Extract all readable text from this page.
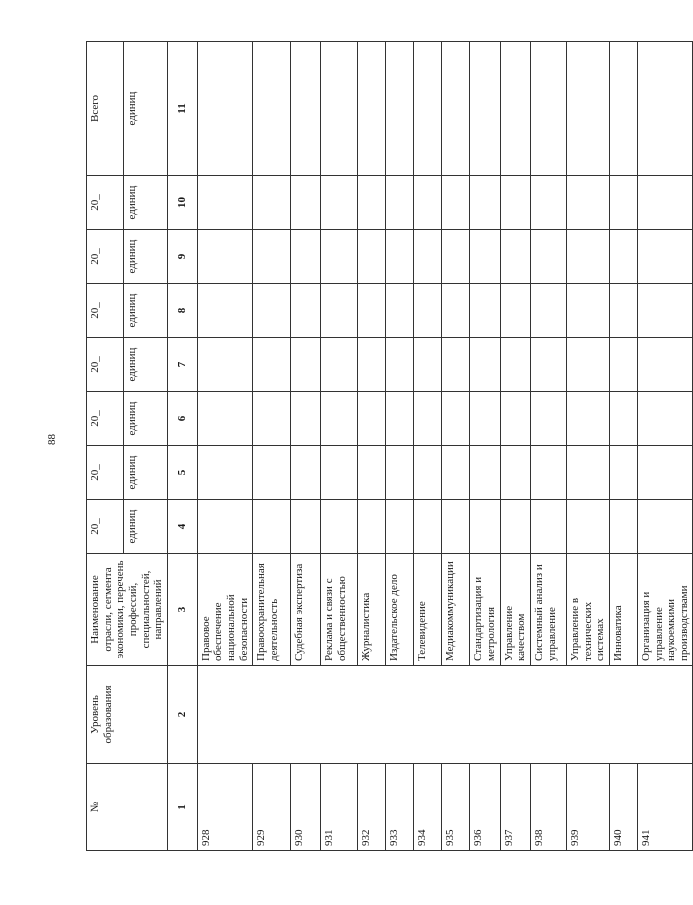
88
№	Уровень образования	Наименование отрасли, сегмента экономики, перечень профессий, специальностей, направлений	20_	20_	20_	20_	20_	20_	20_	Всего
			единиц	единиц	единиц	единиц	единиц	единиц	единиц	единиц
1	2	3	4	5	6	7	8	9	10	11
928		Правовое обеспечение национальной безопасности								
929		Правоохранительная деятельность								
930		Судебная экспертиза								
931		Реклама и связи с общественностью								
932		Журналистика								
933		Издательское дело								
934		Телевидение								
935		Медиакоммуникации								
936		Стандартизация и метрология								
937		Управление качеством								
938		Системный анализ и управление								
939		Управление в технических системах								
940		Инноватика								
941		Организация и управление наукоемкими производствами								
